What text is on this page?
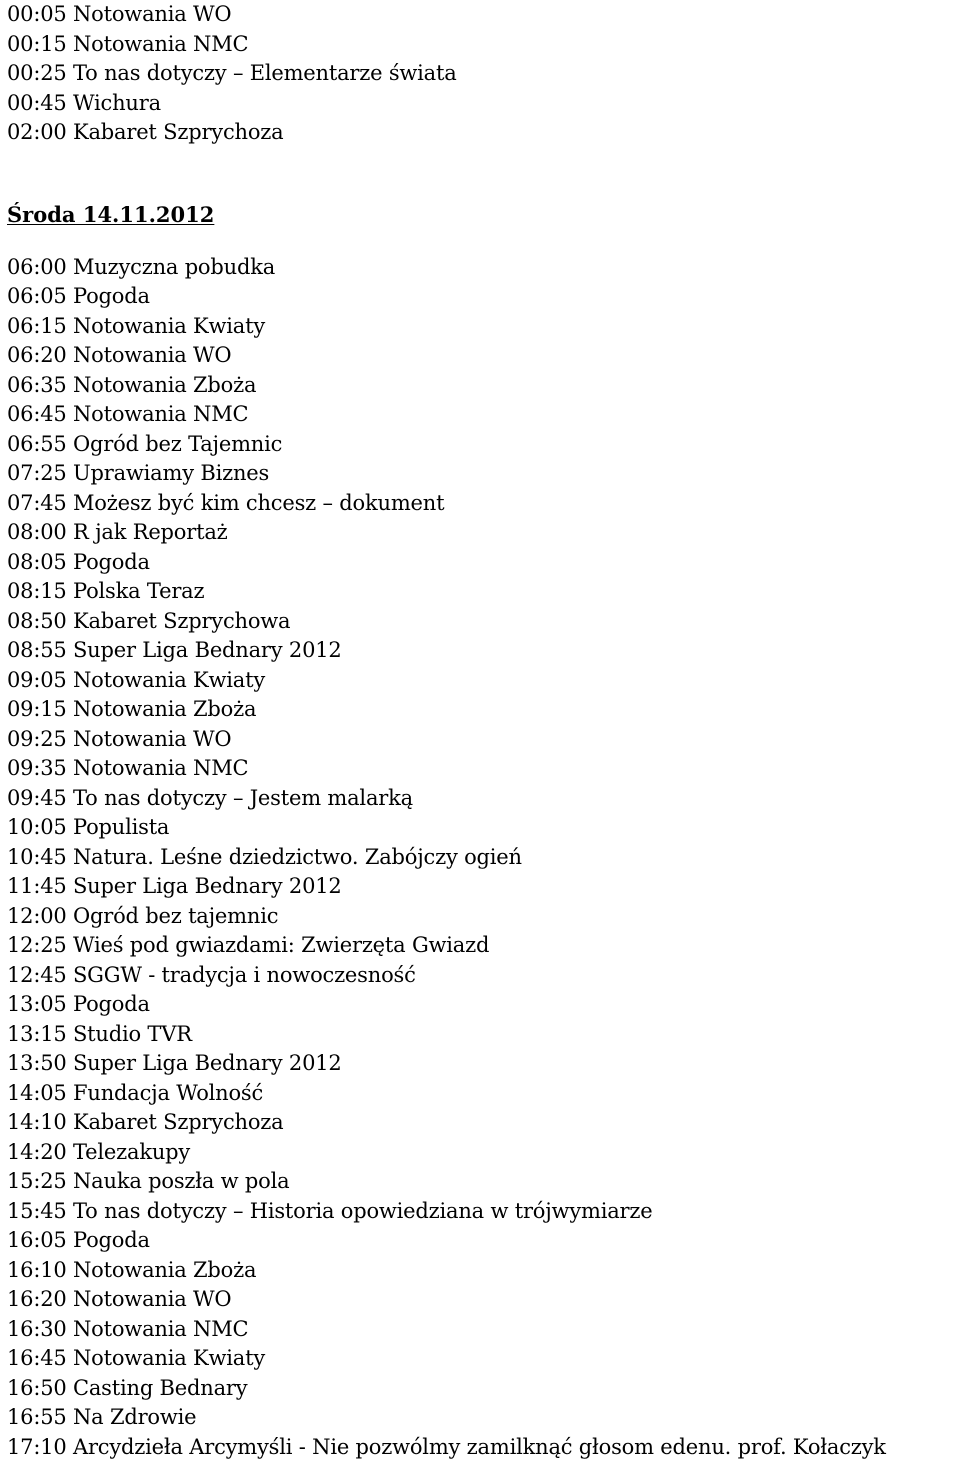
00:05 Notowania WO
00:15 Notowania NMC
00:25 To nas dotyczy – Elementarze świata
00:45 Wichura
02:00 Kabaret Szprychoza
Środa 14.11.2012
06:00 Muzyczna pobudka
06:05 Pogoda
06:15 Notowania Kwiaty
06:20 Notowania WO
06:35 Notowania Zboża
06:45 Notowania NMC
06:55 Ogród bez Tajemnic
07:25 Uprawiamy Biznes
07:45 Możesz być kim chcesz – dokument
08:00 R jak Reportaż
08:05 Pogoda
08:15 Polska Teraz
08:50 Kabaret Szprychowa
08:55 Super Liga Bednary 2012
09:05 Notowania Kwiaty
09:15 Notowania Zboża
09:25 Notowania WO
09:35 Notowania NMC
09:45 To nas dotyczy – Jestem malarką
10:05 Populista
10:45 Natura. Leśne dziedzictwo. Zabójczy ogień
11:45 Super Liga Bednary 2012
12:00 Ogród bez tajemnic
12:25 Wieś pod gwiazdami: Zwierzęta Gwiazd
12:45 SGGW - tradycja i nowoczesność
13:05 Pogoda
13:15 Studio TVR
13:50 Super Liga Bednary 2012
14:05 Fundacja Wolność
14:10 Kabaret Szprychoza
14:20 Telezakupy
15:25 Nauka poszła w pola
15:45 To nas dotyczy – Historia opowiedziana w trójwymiarze
16:05 Pogoda
16:10 Notowania Zboża
16:20 Notowania WO
16:30 Notowania NMC
16:45 Notowania Kwiaty
16:50 Casting Bednary
16:55 Na Zdrowie
17:10 Arcydzieła Arcymyśli - Nie pozwólmy zamilknąć głosom edenu. prof. Kołaczyk
